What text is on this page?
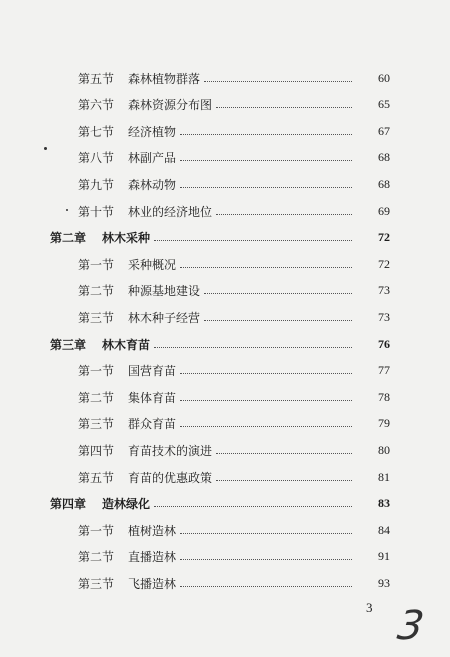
第五节	森林植物群落	60
第六节	森林资源分布图	65
第七节	经济植物	67
第八节	林副产品	68
第九节	森林动物	68
第十节	林业的经济地位	69
第二章	林木采种	72
第一节	采种概况	72
第二节	种源基地建设	73
第三节	林木种子经营	73
第三章	林木育苗	76
第一节	国营育苗	77
第二节	集体育苗	78
第三节	群众育苗	79
第四节	育苗技术的演进	80
第五节	育苗的优惠政策	81
第四章	造林绿化	83
第一节	植树造林	84
第二节	直播造林	91
第三节	飞播造林	93
3 3
